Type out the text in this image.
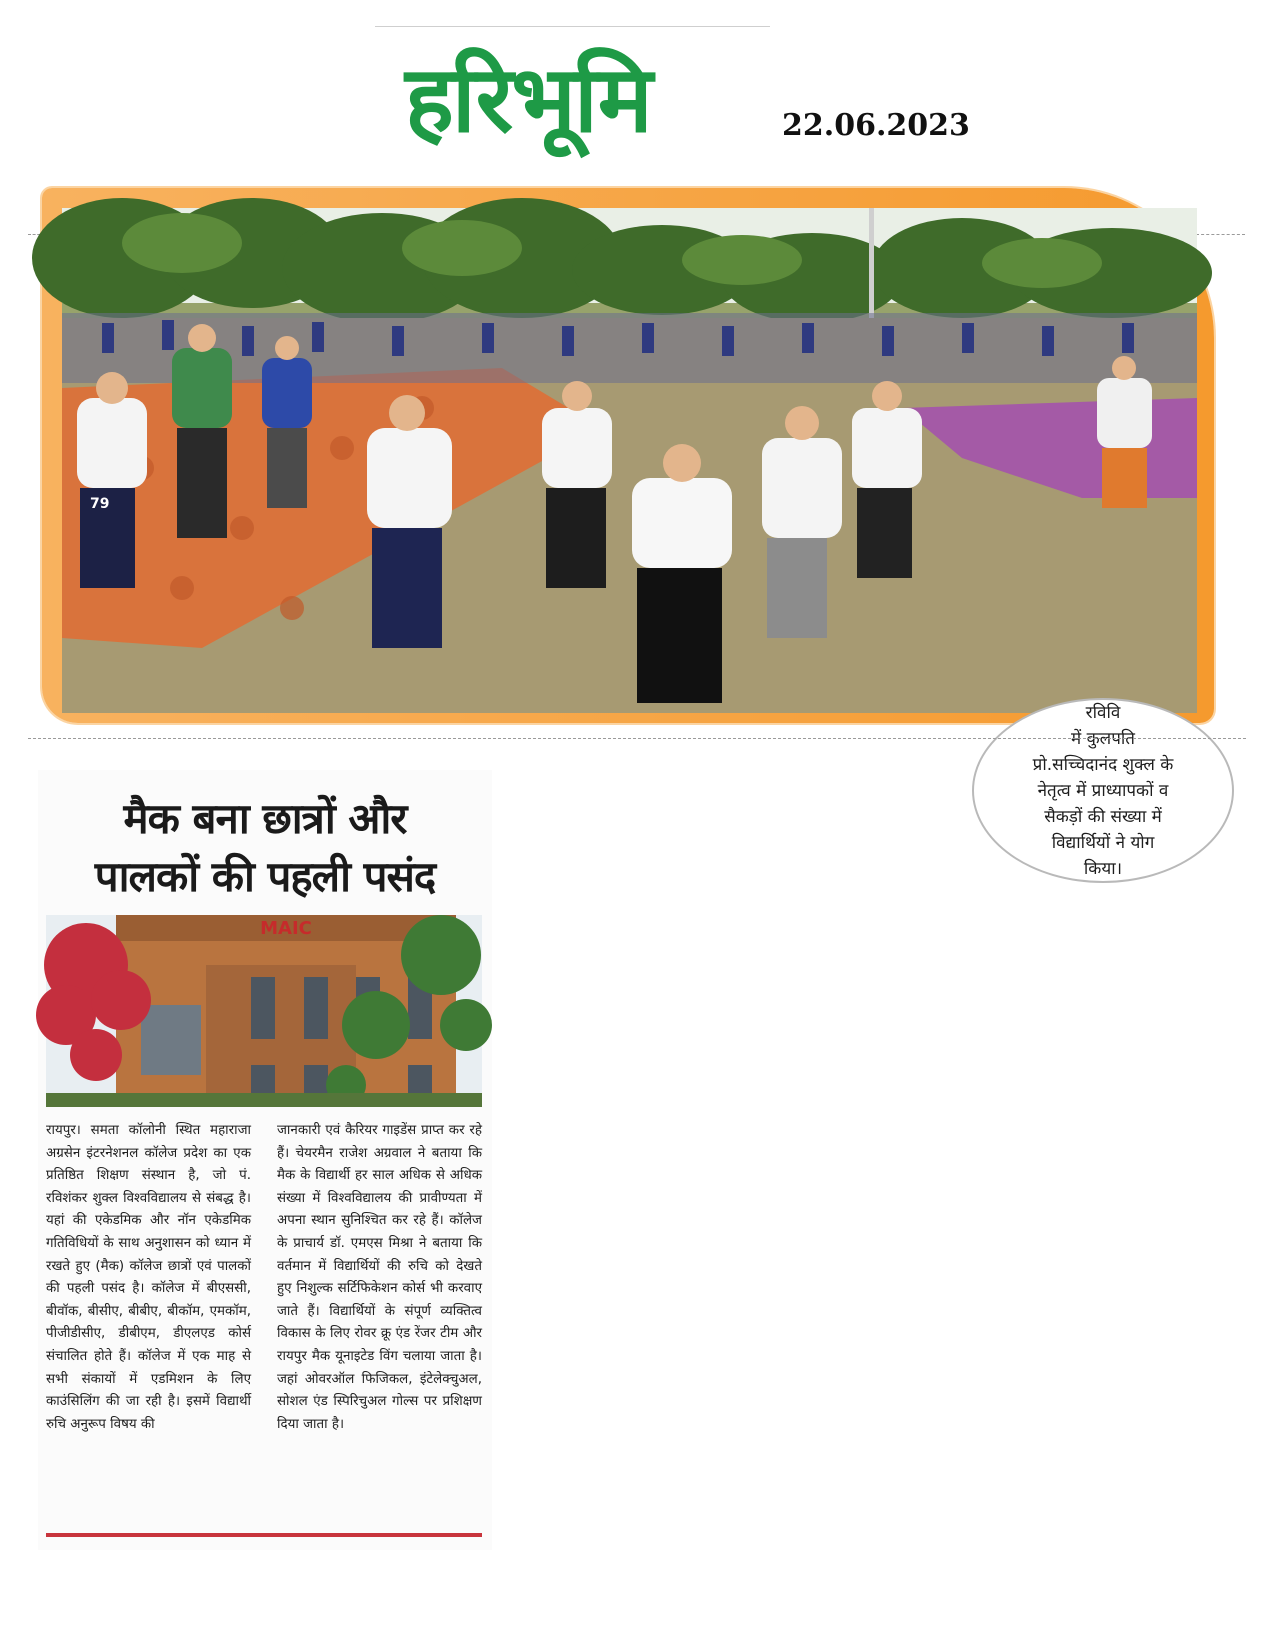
हरिभूमि	22.06.2023
79
रविवि
में कुलपति
प्रो.सच्चिदानंद शुक्ल के
नेतृत्व में प्राध्यापकों व
सैकड़ों की संख्या में
विद्यार्थियों ने योग
किया।
मैक बना छात्रों और
पालकों की पहली पसंद
MAIC

रायपुर। समता कॉलोनी स्थित महाराजा अग्रसेन इंटरनेशनल कॉलेज प्रदेश का एक प्रतिष्ठित शिक्षण संस्थान है, जो पं. रविशंकर शुक्ल विश्वविद्यालय से संबद्ध है। यहां की एकेडमिक और नॉन एकेडमिक गतिविधियों के साथ अनुशासन को ध्यान में रखते हुए (मैक) कॉलेज छात्रों एवं पालकों की पहली पसंद है। कॉलेज में बीएससी, बीवॉक, बीसीए, बीबीए, बीकॉम, एमकॉम, पीजीडीसीए, डीबीएम, डीएलएड कोर्स संचालित होते हैं। कॉलेज में एक माह से सभी संकायों में एडमिशन के लिए काउंसिलिंग की जा रही है। इसमें विद्यार्थी रुचि अनुरूप विषय की

जानकारी एवं कैरियर गाइडेंस प्राप्त कर रहे हैं। चेयरमैन राजेश अग्रवाल ने बताया कि मैक के विद्यार्थी हर साल अधिक से अधिक संख्या में विश्वविद्यालय की प्रावीण्यता में अपना स्थान सुनिश्चित कर रहे हैं। कॉलेज के प्राचार्य डॉ. एमएस मिश्रा ने बताया कि वर्तमान में विद्यार्थियों की रुचि को देखते हुए निशुल्क सर्टिफिकेशन कोर्स भी करवाए जाते हैं। विद्यार्थियों के संपूर्ण व्यक्तित्व विकास के लिए रोवर क्रू एंड रेंजर टीम और रायपुर मैक यूनाइटेड विंग चलाया जाता है। जहां ओवरऑल फिजिकल, इंटेलेक्चुअल, सोशल एंड स्पिरिचुअल गोल्स पर प्रशिक्षण दिया जाता है।
